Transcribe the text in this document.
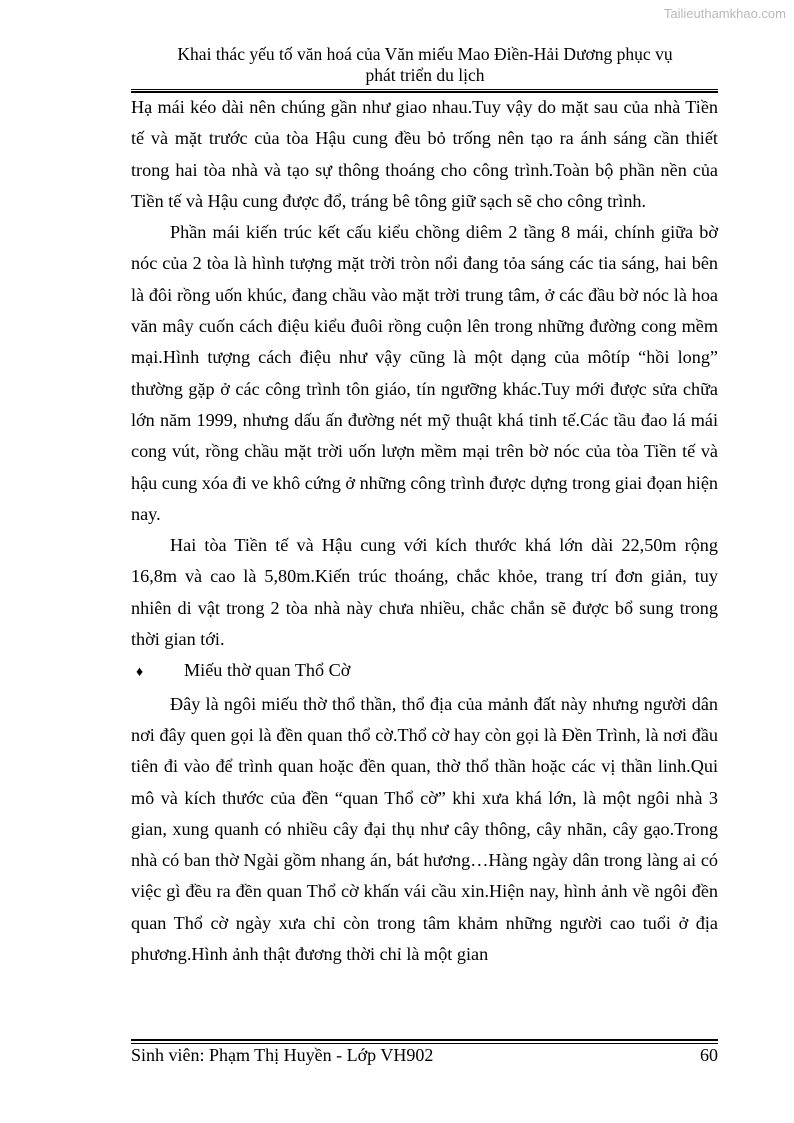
Tailieuthamkhao.com
Khai thác yếu tố văn hoá của Văn miếu Mao Điền-Hải Dương phục vụ
phát triển du lịch

Hạ mái kéo dài nên chúng gần như giao nhau.Tuy vậy do mặt sau của nhà Tiền tế và mặt trước của tòa Hậu cung đều bỏ trống nên tạo ra ánh sáng cần thiết trong hai tòa nhà và tạo sự thông thoáng cho công trình.Toàn bộ phần nền của Tiền tế và Hậu cung được đổ, tráng bê tông giữ sạch sẽ cho công trình.

Phần mái kiến trúc kết cấu kiểu chồng diêm 2 tầng 8 mái, chính giữa bờ nóc của 2 tòa là hình tượng mặt trời tròn nổi đang tỏa sáng các tia sáng, hai bên là đôi rồng uốn khúc, đang chầu vào mặt trời trung tâm, ở các đầu bờ nóc là hoa văn mây cuốn cách điệu kiểu đuôi rồng cuộn lên trong những đường cong mềm mại.Hình tượng cách điệu như vậy cũng là một dạng của môtíp “hồi long” thường gặp ở các công trình tôn giáo, tín ngưỡng khác.Tuy mới được sửa chữa lớn năm 1999, nhưng dấu ấn đường nét mỹ thuật khá tinh tế.Các tầu đao lá mái cong vút, rồng chầu mặt trời uốn lượn mềm mại trên bờ nóc của tòa Tiền tế và hậu cung xóa đi ve khô cứng ở những công trình được dựng trong giai đọan hiện nay.

Hai tòa Tiền tế và Hậu cung với kích thước khá lớn dài 22,50m rộng 16,8m và cao là 5,80m.Kiến trúc thoáng, chắc khỏe, trang trí đơn giản, tuy nhiên di vật trong 2 tòa nhà này chưa nhiều, chắc chắn sẽ được bổ sung trong thời gian tới.

♦	Miếu thờ quan Thổ Cờ

Đây là ngôi miếu thờ thổ thần, thổ địa của mảnh đất này nhưng người dân nơi đây quen gọi là đền quan thổ cờ.Thổ cờ hay còn gọi là Đền Trình, là nơi đầu tiên đi vào để trình quan hoặc đền quan, thờ thổ thần hoặc các vị thần linh.Qui mô và kích thước của đền “quan Thổ cờ” khi xưa khá lớn, là một ngôi nhà 3 gian, xung quanh có nhiều cây đại thụ như cây thông, cây nhãn, cây gạo.Trong nhà có ban thờ Ngài gồm nhang án, bát hương…Hàng ngày dân trong làng ai có việc gì đều ra đền quan Thổ cờ khấn vái cầu xin.Hiện nay, hình ảnh về ngôi đền quan Thổ cờ ngày xưa chỉ còn trong tâm khảm những người cao tuổi ở địa phương.Hình ảnh thật đương thời chỉ là một gian

Sinh viên: Phạm Thị Huyền - Lớp VH902	60
